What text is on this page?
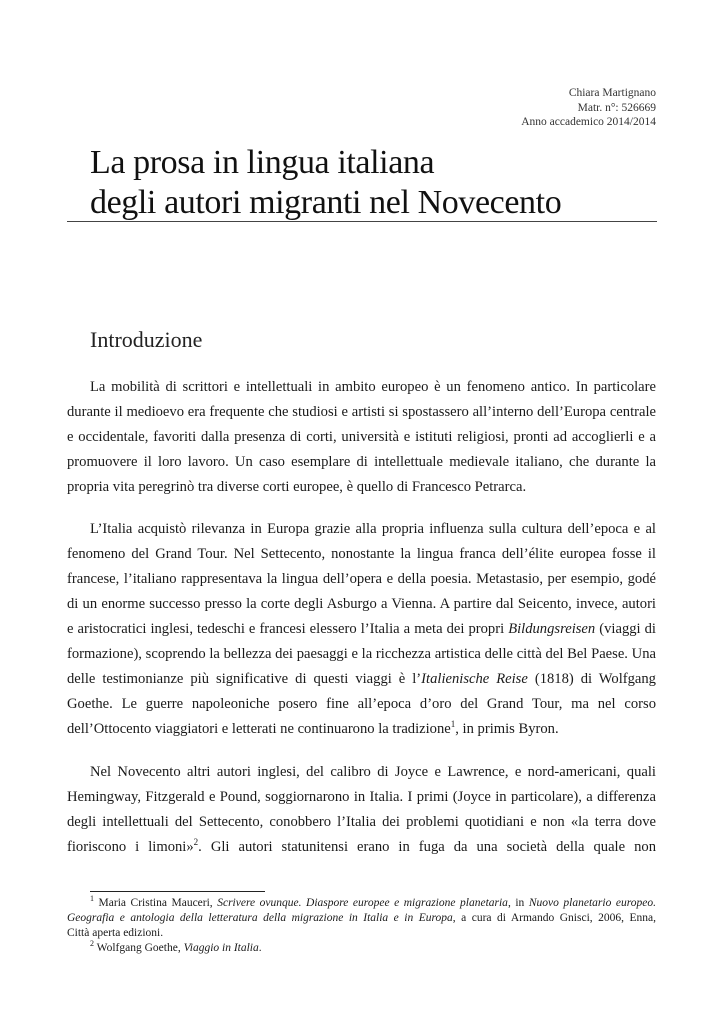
Chiara Martignano
Matr. n°: 526669
Anno accademico 2014/2014
La prosa in lingua italiana
degli autori migranti nel Novecento
Introduzione
La mobilità di scrittori e intellettuali in ambito europeo è un fenomeno antico. In particolare
durante il medioevo era frequente che studiosi e artisti si spostassero all’interno dell’Europa centrale
e occidentale, favoriti dalla presenza di corti, università e istituti religiosi, pronti ad accoglierli e a
promuovere il loro lavoro. Un caso esemplare di intellettuale medievale italiano, che durante la
propria vita peregrinò tra diverse corti europee, è quello di Francesco Petrarca.
L’Italia acquistò rilevanza in Europa grazie alla propria influenza sulla cultura dell’epoca e al
fenomeno del Grand Tour. Nel Settecento, nonostante la lingua franca dell’élite europea fosse il
francese, l’italiano rappresentava la lingua dell’opera e della poesia. Metastasio, per esempio, godé
di un enorme successo presso la corte degli Asburgo a Vienna. A partire dal Seicento, invece, autori
e aristocratici inglesi, tedeschi e francesi elessero l’Italia a meta dei propri Bildungsreisen (viaggi di
formazione), scoprendo la bellezza dei paesaggi e la ricchezza artistica delle città del Bel Paese. Una
delle testimonianze più significative di questi viaggi è l’Italienische Reise (1818) di Wolfgang
Goethe. Le guerre napoleoniche posero fine all’epoca d’oro del Grand Tour, ma nel corso
dell’Ottocento viaggiatori e letterati ne continuarono la tradizione$^1$, in primis Byron.
Nel Novecento altri autori inglesi, del calibro di Joyce e Lawrence, e nord-americani, quali
Hemingway, Fitzgerald e Pound, soggiornarono in Italia. I primi (Joyce in particolare), a differenza
degli intellettuali del Settecento, conobbero l’Italia dei problemi quotidiani e non «la terra dove
fioriscono i limoni»$^2$. Gli autori statunitensi erano in fuga da una società della quale non
$^1$ Maria Cristina Mauceri, Scrivere ovunque. Diaspore europee e migrazione planetaria, in Nuovo planetario europeo.
Geografia e antologia della letteratura della migrazione in Italia e in Europa, a cura di Armando Gnisci, 2006, Enna,
Città aperta edizioni.
$^2$ Wolfgang Goethe, Viaggio in Italia.
